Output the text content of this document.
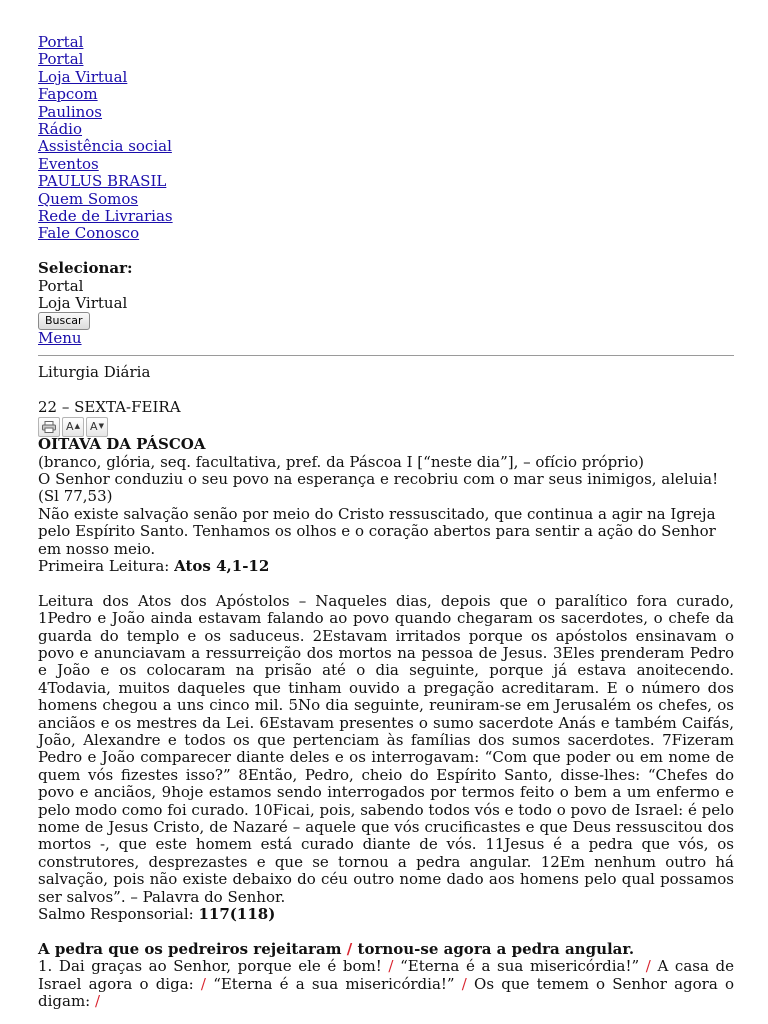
Portal
Portal
Loja Virtual
Fapcom
Paulinos
Rádio
Assistência social
Eventos
PAULUS BRASIL
Quem Somos
Rede de Livrarias
Fale Conosco
Selecionar:
Portal
Loja Virtual
Buscar
Menu
Liturgia Diária
22 – SEXTA-FEIRA
A ▲ A ▼
OITAVA DA PÁSCOA
(branco, glória, seq. facultativa, pref. da Páscoa I [“neste dia”], – ofício próprio)
O Senhor conduziu o seu povo na esperança e recobriu com o mar seus inimigos, aleluia! (Sl 77,53)
Não existe salvação senão por meio do Cristo ressuscitado, que continua a agir na Igreja pelo Espírito Santo. Tenhamos os olhos e o coração abertos para sentir a ação do Senhor em nosso meio.
Primeira Leitura: Atos 4,1-12
Leitura dos Atos dos Apóstolos – Naqueles dias, depois que o paralítico fora curado, 1Pedro e João ainda estavam falando ao povo quando chegaram os sacerdotes, o chefe da guarda do templo e os saduceus. 2Estavam irritados porque os apóstolos ensinavam o povo e anunciavam a ressurreição dos mortos na pessoa de Jesus. 3Eles prenderam Pedro e João e os colocaram na prisão até o dia seguinte, porque já estava anoitecendo. 4Todavia, muitos daqueles que tinham ouvido a pregação acreditaram. E o número dos homens chegou a uns cinco mil. 5No dia seguinte, reuniram-se em Jerusalém os chefes, os anciãos e os mestres da Lei. 6Estavam presentes o sumo sacerdote Anás e também Caifás, João, Alexandre e todos os que pertenciam às famílias dos sumos sacerdotes. 7Fizeram Pedro e João comparecer diante deles e os interrogavam: “Com que poder ou em nome de quem vós fizestes isso?” 8Então, Pedro, cheio do Espírito Santo, disse-lhes: “Chefes do povo e anciãos, 9hoje estamos sendo interrogados por termos feito o bem a um enfermo e pelo modo como foi curado. 10Ficai, pois, sabendo todos vós e todo o povo de Israel: é pelo nome de Jesus Cristo, de Nazaré – aquele que vós crucificastes e que Deus ressuscitou dos mortos -, que este homem está curado diante de vós. 11Jesus é a pedra que vós, os construtores, desprezastes e que se tornou a pedra angular. 12Em nenhum outro há salvação, pois não existe debaixo do céu outro nome dado aos homens pelo qual possamos ser salvos”. – Palavra do Senhor.
Salmo Responsorial: 117(118)
A pedra que os pedreiros rejeitaram / tornou-se agora a pedra angular.
1. Dai graças ao Senhor, porque ele é bom! / “Eterna é a sua misericórdia!” / A casa de Israel agora o diga: / “Eterna é a sua misericórdia!” / Os que temem o Senhor agora o digam: /
